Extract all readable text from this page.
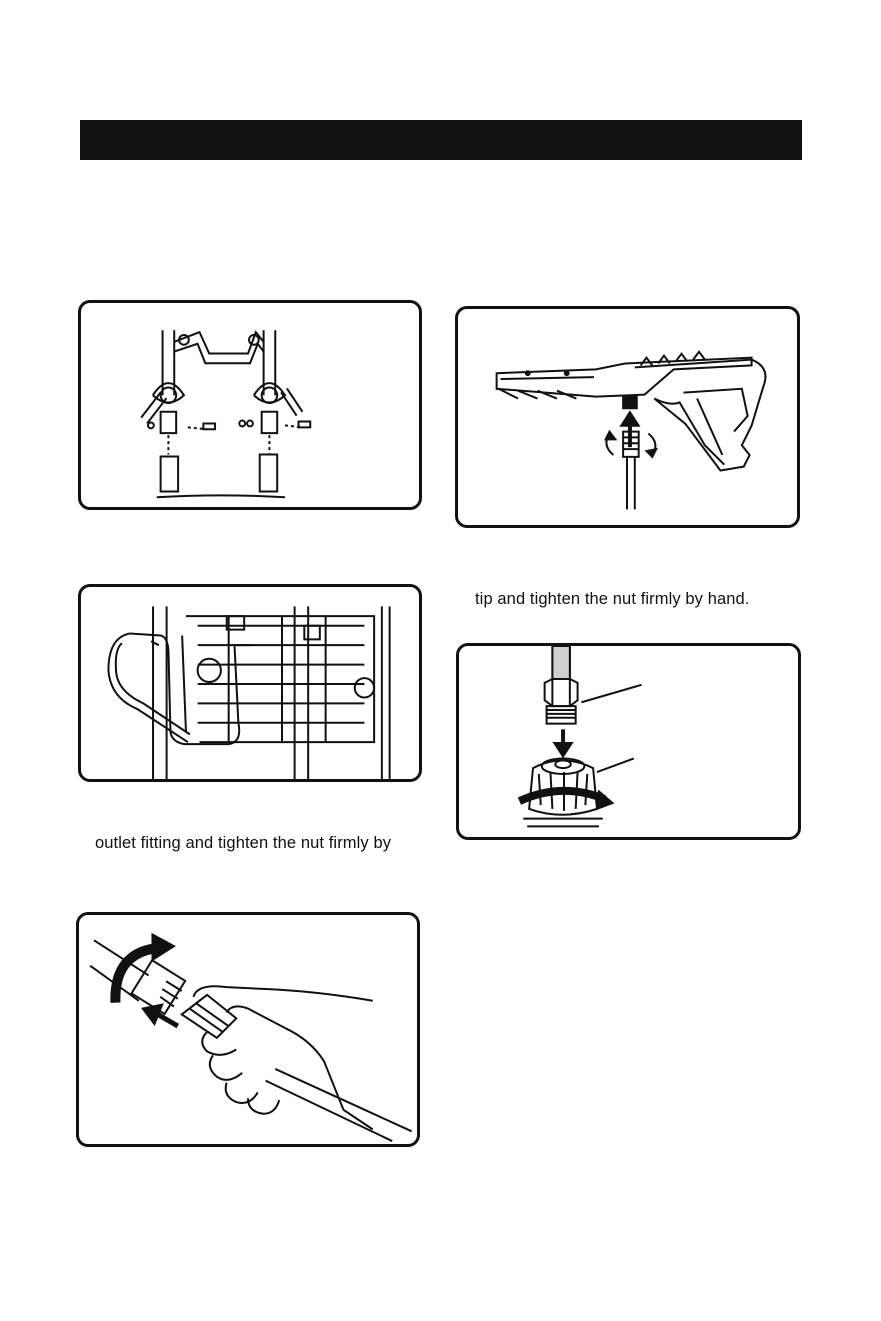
outlet fitting and tighten the nut firmly by
tip and tighten the nut firmly by hand.
